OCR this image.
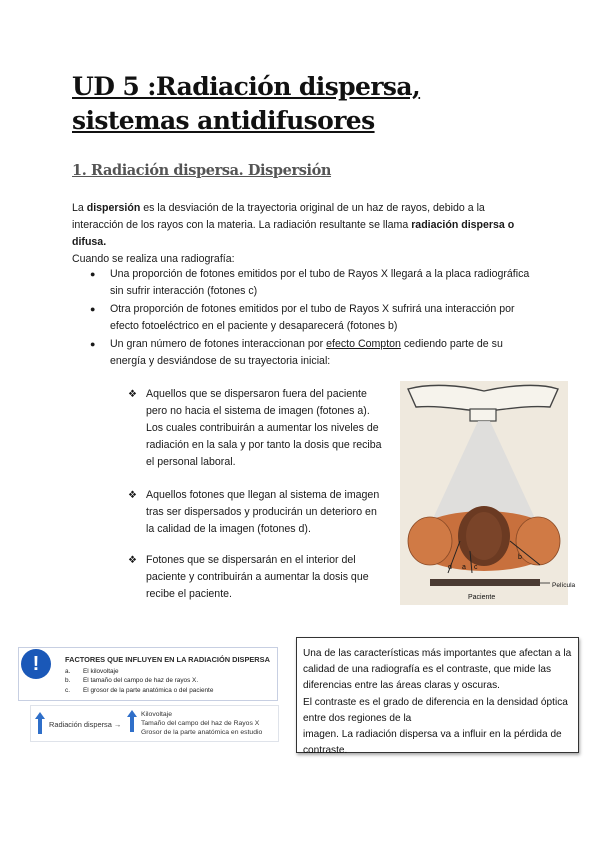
UD 5 :Radiación dispersa, sistemas antidifusores
1. Radiación dispersa. Dispersión
La dispersión es la desviación de la trayectoria original de un haz de rayos, debido a la interacción de los rayos con la materia. La radiación resultante se llama radiación dispersa o difusa.
Cuando se realiza una radiografía:
● Una proporción de fotones emitidos por el tubo de Rayos X llegará a la placa radiográfica sin sufrir interacción (fotones c)
● Otra proporción de fotones emitidos por el tubo de Rayos X sufrirá una interacción por efecto fotoeléctrico en el paciente y desaparecerá (fotones b)
● Un gran número de fotones interaccionan por efecto Compton cediendo parte de su energía y desviándose de su trayectoria inicial:
❖ Aquellos que se dispersaron fuera del paciente pero no hacia el sistema de imagen (fotones a). Los cuales contribuirán a aumentar los niveles de
radiación en la sala y por tanto la dosis que reciba el personal laboral.
❖ Aquellos fotones que llegan al sistema de imagen tras ser dispersados y producirán un deterioro en la calidad de la imagen (fotones d).
❖ Fotones que se dispersarán en el interior del paciente y contribuirán a aumentar la dosis que recibe el paciente.
d a c
b
Película
Paciente
!	FACTORES QUE INFLUYEN EN LA RADIACIÓN DISPERSA
a. El kilovoltaje
b. El tamaño del campo de haz de rayos X.
c. El grosor de la parte anatómica o del paciente
Radiación dispersa →
Kilovoltaje
Tamaño del campo del haz de Rayos X
Grosor de la parte anatómica en estudio
Una de las características más importantes que afectan a la calidad de una radiografía es el contraste, que mide las diferencias entre las áreas claras y oscuras.
El contraste es el grado de diferencia en la densidad óptica entre dos regiones de la
imagen. La radiación dispersa va a influir en la pérdida de contraste.
